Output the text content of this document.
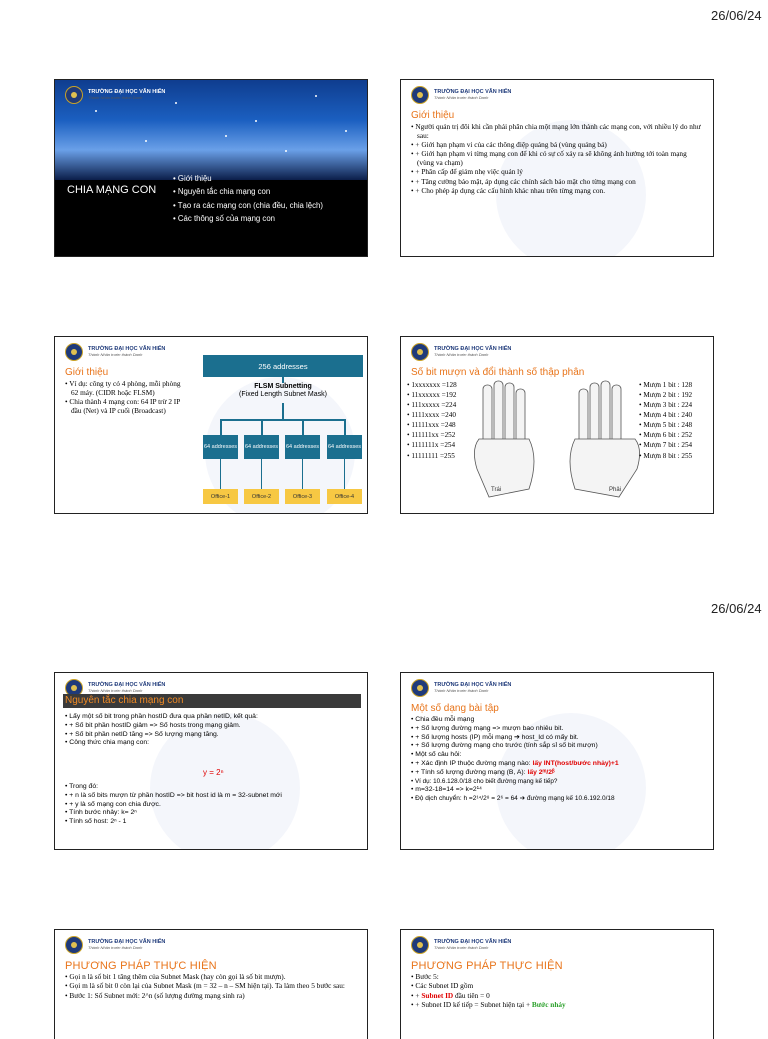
26/06/24
26/06/24
TRƯỜNG ĐẠI HỌC VĂN HIẾN
Thành Nhân trước thành Danh
CHIA MẠNG CON
• Giới thiệu
• Nguyên tắc chia mạng con
• Tạo ra các mạng con (chia đều, chia lệch)
• Các thông số của mạng con
TRƯỜNG ĐẠI HỌC VĂN HIẾN
Thành Nhân trước thành Danh
Giới thiệu
• Người quản trị đôi khi cần phải phân chia một mạng lớn thành các mạng con, với nhiều lý do như sau:
• + Giới hạn phạm vi của các thông điệp quảng bá (vùng quảng bá)
• + Giới hạn phạm vi từng mạng con để khi có sự cố xảy ra sẽ không ảnh hưởng tới toàn mạng (vùng va chạm)
• + Phân cấp để giảm nhẹ việc quản lý
• + Tăng cường bảo mật, áp dụng các chính sách bảo mật cho từng mạng con
• + Cho phép áp dụng các cấu hình khác nhau trên từng mạng con.
TRƯỜNG ĐẠI HỌC VĂN HIẾN
Thành Nhân trước thành Danh
Giới thiệu
• Ví dụ: công ty có 4 phòng, mỗi phòng 62 máy. (CIDR hoặc FLSM)
• Chia thành 4 mạng con: 64 IP trừ 2 IP đầu (Net) và IP cuối (Broadcast)
256 addresses
FLSM Subnetting
(Fixed Length Subnet Mask)
64 addresses 64 addresses 64 addresses 64 addresses
Office-1	Office-2	Office-3	Office-4
TRƯỜNG ĐẠI HỌC VĂN HIẾN
Thành Nhân trước thành Danh
Số bit mượn và đổi thành số thập phân
• 1xxxxxxx =128
• 11xxxxxx =192
• 111xxxxx =224
• 1111xxxx =240
• 11111xxx =248
• 111111xx =252
• 1111111x =254
• 11111111 =255
Trái	Phải
• Mượn 1 bit : 128
• Mượn 2 bit : 192
• Mượn 3 bit : 224
• Mượn 4 bit : 240
• Mượn 5 bit : 248
• Mượn 6 bit : 252
• Mượn 7 bit : 254
• Mượn 8 bit : 255
TRƯỜNG ĐẠI HỌC VĂN HIẾN
Thành Nhân trước thành Danh
Nguyên tắc chia mạng con
• Lấy một số bit trong phần hostID đưa qua phần netID, kết quả:
• + Số bit phần hostID giảm => Số hosts trong mạng giảm.
• + Số bit phần netID tăng => Số lượng mạng tăng.
• Công thức chia mạng con:
y = 2ⁿ
• Trong đó:
• + n là số bits mượn từ phần hostID => bit host id là m = 32-subnet mới
• + y là số mạng con chia được.
• Tính bước nhảy: k= 2ⁿ
• Tính số host: 2ⁿ - 1
TRƯỜNG ĐẠI HỌC VĂN HIẾN
Thành Nhân trước thành Danh
Một số dạng bài tập
• Chia đều mỗi mạng
• + Số lượng đường mạng => mượn bao nhiêu bit.
• + Số lượng hosts (IP) mỗi mạng ➔ host_Id có mấy bit.
• + Số lượng đường mạng cho trước (tính sắp sỉ số bit mượn)
• Một số câu hỏi:
• + Xác định IP thuộc đường mạng nào: lấy INT(host/bước nhảy)+1
• + Tính số lượng đường mạng (B, A): lấy 2ᵐ/2ᵝ
• Ví dụ: 10.6.128.0/18 cho biết đường mạng kế tiếp?
• m=32-18=14 => k=2¹⁴
• Độ dịch chuyển: h =2¹⁴/2⁸ = 2⁶ = 64 ➔ đường mạng kế 10.6.192.0/18
TRƯỜNG ĐẠI HỌC VĂN HIẾN
Thành Nhân trước thành Danh
PHƯƠNG PHÁP THỰC HIỆN
• Gọi n là số bit 1 tăng thêm của Subnet Mask (hay còn gọi là số bit mượn).
• Gọi m là số bit 0 còn lại của Subnet Mask (m = 32 – n – SM hiện tại). Ta làm theo 5 bước sau:
• Bước 1: Số Subnet mới: 2^n (số lượng đường mạng sinh ra)
TRƯỜNG ĐẠI HỌC VĂN HIẾN
Thành Nhân trước thành Danh
PHƯƠNG PHÁP THỰC HIỆN
• Bước 5:
• Các Subnet ID gồm
• + Subnet ID đầu tiên = 0
• + Subnet ID kế tiếp = Subnet hiện tại + Bước nhảy
